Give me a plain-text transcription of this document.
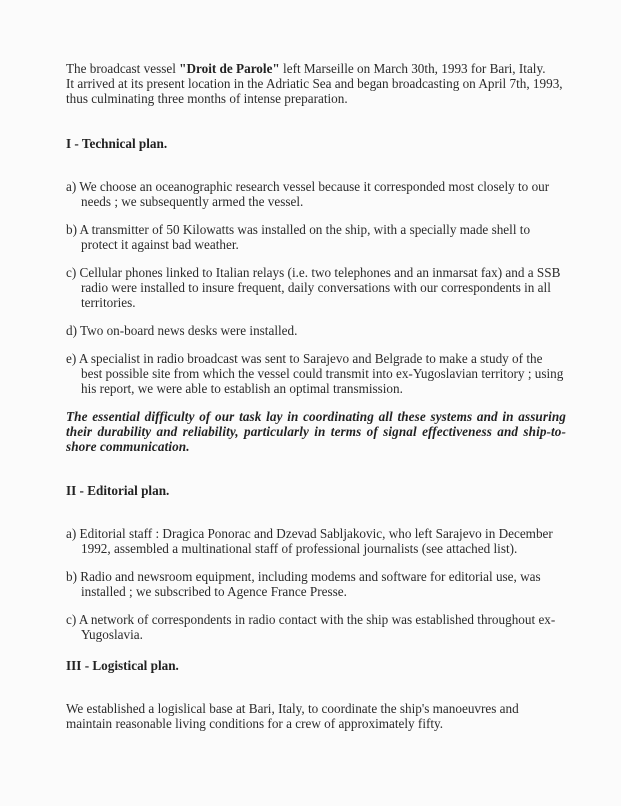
The broadcast vessel "Droit de Parole" left Marseille on March 30th, 1993 for Bari, Italy.

It arrived at its present location in the Adriatic Sea and began broadcasting on April 7th, 1993,

thus culminating three months of intense preparation.

I - Technical plan.

a) We choose an oceanographic research vessel because it corresponded most closely to our needs ; we subsequently armed the vessel.

b) A transmitter of 50 Kilowatts was installed on the ship, with a specially made shell to protect it against bad weather.

c) Cellular phones linked to Italian relays (i.e. two telephones and an inmarsat fax) and a SSB radio were installed to insure frequent, daily conversations with our correspondents in all territories.

d) Two on-board news desks were installed.

e) A specialist in radio broadcast was sent to Sarajevo and Belgrade to make a study of the best possible site from which the vessel could transmit into ex-Yugoslavian territory ; using his report, we were able to establish an optimal transmission.

The essential difficulty of our task lay in coordinating all these systems and in assuring their durability and reliability, particularly in terms of signal effectiveness and ship-to-shore communication.

II - Editorial plan.

a) Editorial staff : Dragica Ponorac and Dzevad Sabljakovic, who left Sarajevo in December 1992, assembled a multinational staff of professional journalists (see attached list).

b) Radio and newsroom equipment, including modems and software for editorial use, was installed ; we subscribed to Agence France Presse.

c) A network of correspondents in radio contact with the ship was established throughout ex-Yugoslavia.

III - Logistical plan.

We established a logislical base at Bari, Italy, to coordinate the ship's manoeuvres and maintain reasonable living conditions for a crew of approximately fifty.
